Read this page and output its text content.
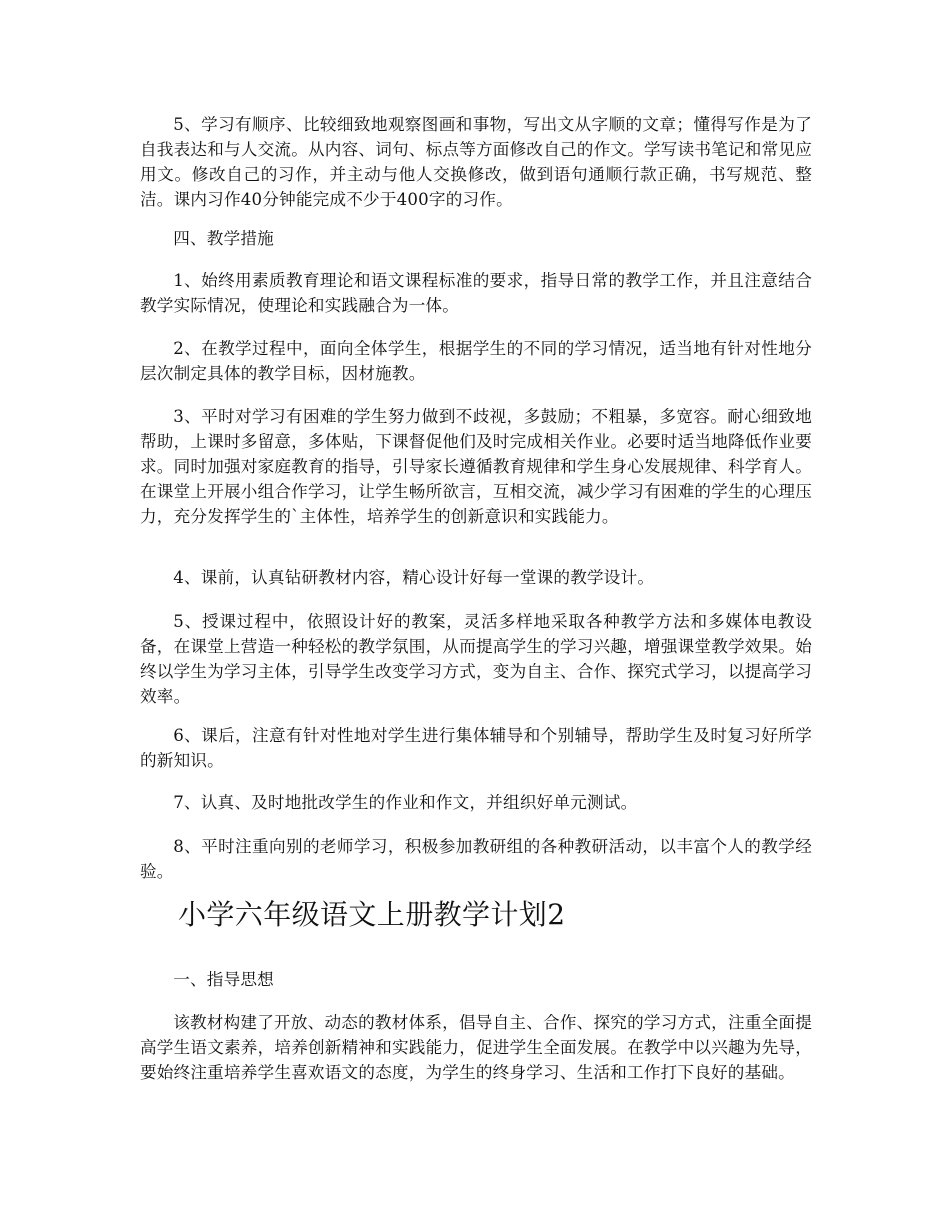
5、学习有顺序、比较细致地观察图画和事物，写出文从字顺的文章；懂得写作是为了自我表达和与人交流。从内容、词句、标点等方面修改自己的作文。学写读书笔记和常见应用文。修改自己的习作，并主动与他人交换修改，做到语句通顺行款正确，书写规范、整洁。课内习作40分钟能完成不少于400字的习作。

四、教学措施

1、始终用素质教育理论和语文课程标准的要求，指导日常的教学工作，并且注意结合教学实际情况，使理论和实践融合为一体。

2、在教学过程中，面向全体学生，根据学生的不同的学习情况，适当地有针对性地分层次制定具体的教学目标，因材施教。

3、平时对学习有困难的学生努力做到不歧视，多鼓励；不粗暴，多宽容。耐心细致地帮助，上课时多留意，多体贴，下课督促他们及时完成相关作业。必要时适当地降低作业要求。同时加强对家庭教育的指导，引导家长遵循教育规律和学生身心发展规律、科学育人。在课堂上开展小组合作学习，让学生畅所欲言，互相交流，减少学习有困难的学生的心理压力，充分发挥学生的`主体性，培养学生的创新意识和实践能力。

4、课前，认真钻研教材内容，精心设计好每一堂课的教学设计。

5、授课过程中，依照设计好的教案，灵活多样地采取各种教学方法和多媒体电教设备，在课堂上营造一种轻松的教学氛围，从而提高学生的学习兴趣，增强课堂教学效果。始终以学生为学习主体，引导学生改变学习方式，变为自主、合作、探究式学习，以提高学习效率。

6、课后，注意有针对性地对学生进行集体辅导和个别辅导，帮助学生及时复习好所学的新知识。

7、认真、及时地批改学生的作业和作文，并组织好单元测试。

8、平时注重向别的老师学习，积极参加教研组的各种教研活动，以丰富个人的教学经验。

小学六年级语文上册教学计划2

一、指导思想

该教材构建了开放、动态的教材体系，倡导自主、合作、探究的学习方式，注重全面提高学生语文素养，培养创新精神和实践能力，促进学生全面发展。在教学中以兴趣为先导，要始终注重培养学生喜欢语文的态度，为学生的终身学习、生活和工作打下良好的基础。
